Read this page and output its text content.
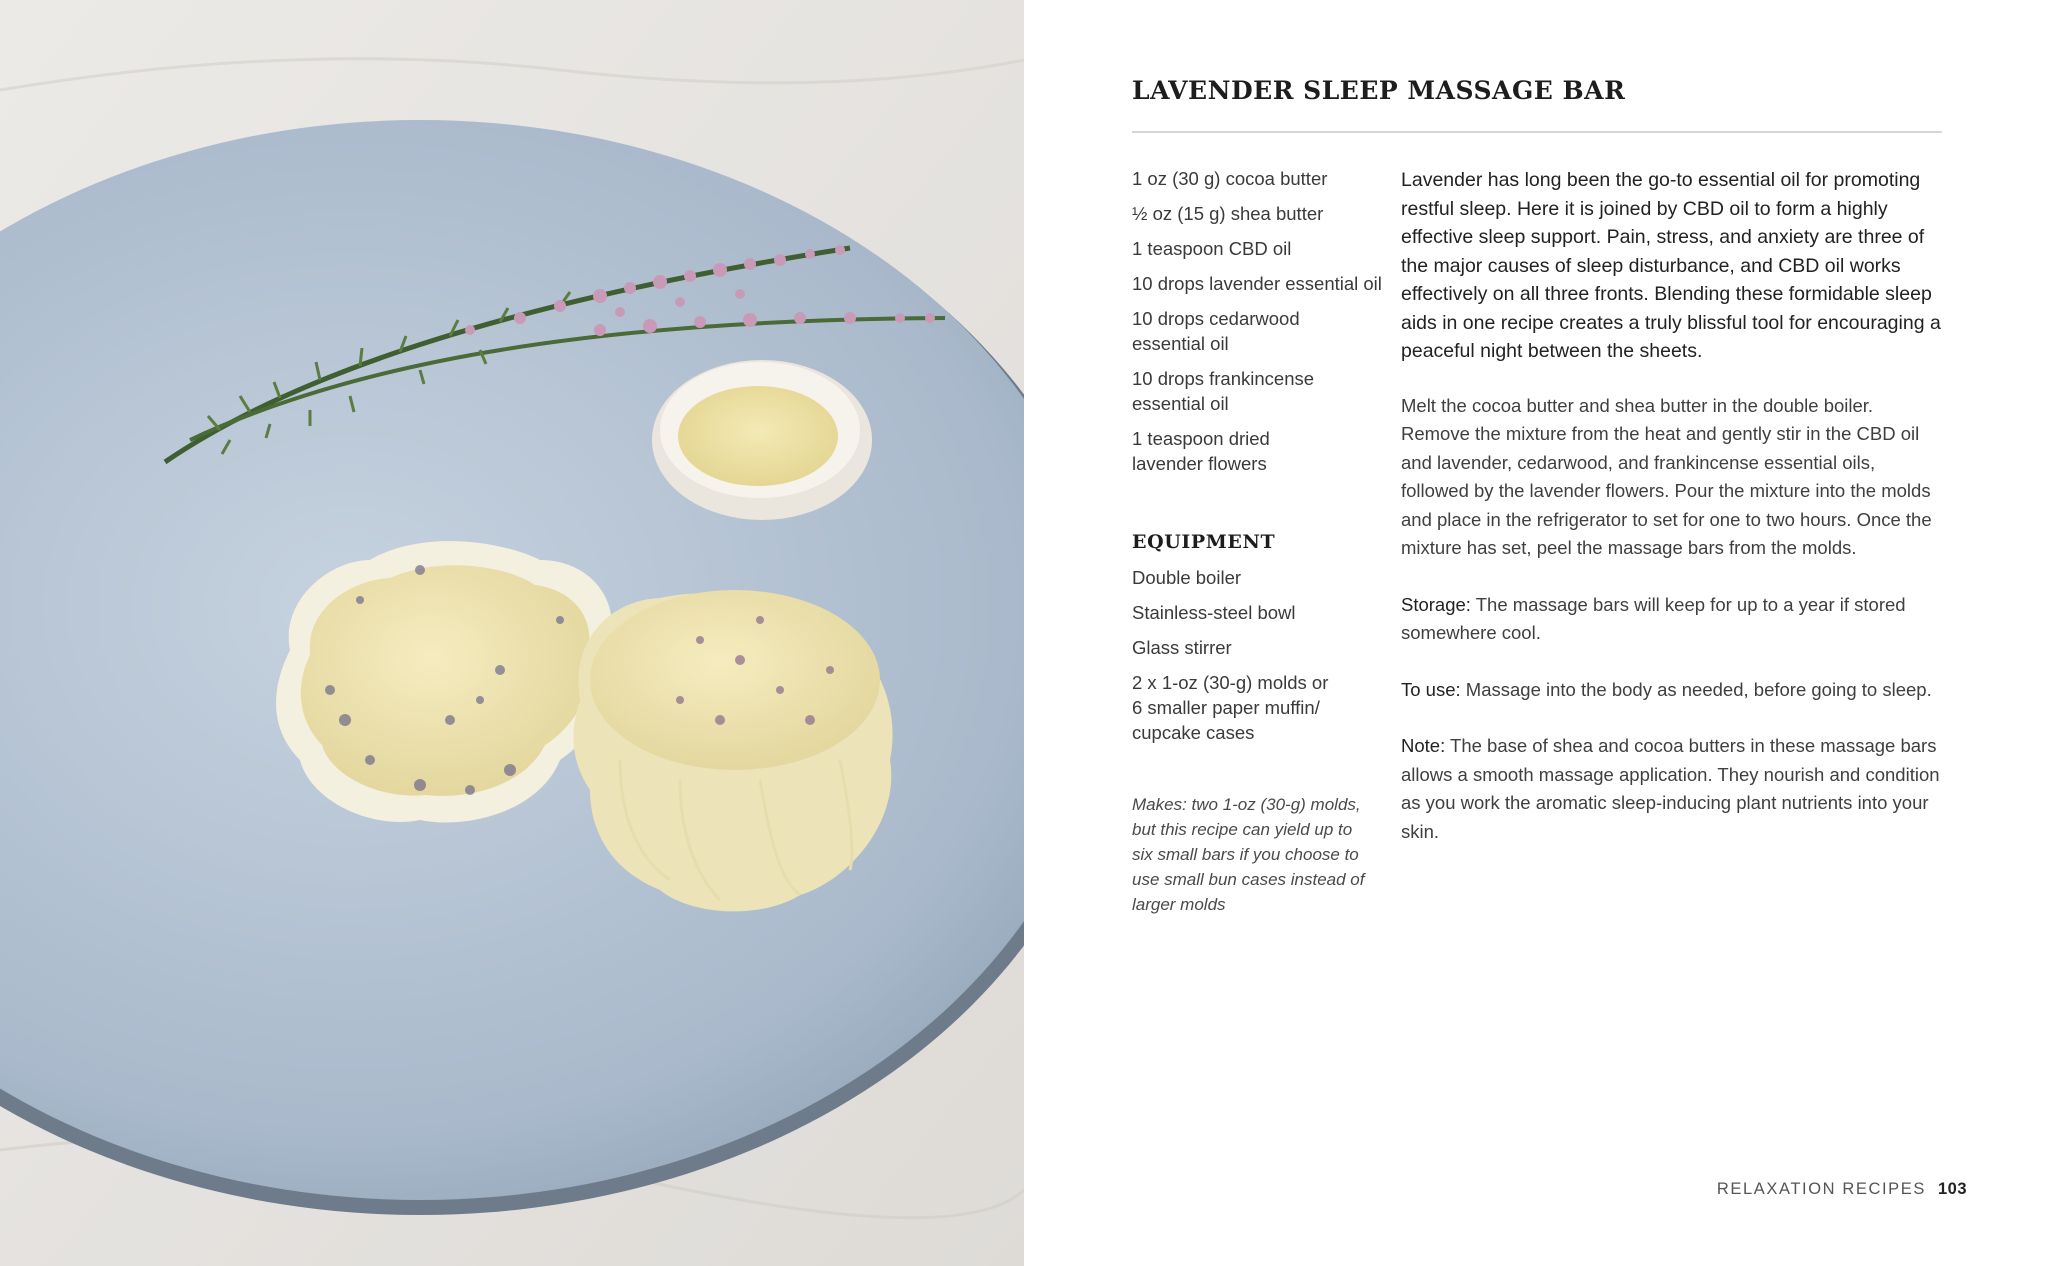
LAVENDER SLEEP MASSAGE BAR
1 oz (30 g) cocoa butter
½ oz (15 g) shea butter
1 teaspoon CBD oil
10 drops lavender essential oil
10 drops cedarwood essential oil
10 drops frankincense essential oil
1 teaspoon dried lavender flowers
EQUIPMENT
Double boiler
Stainless-steel bowl
Glass stirrer
2 x 1-oz (30-g) molds or 6 smaller paper muffin/ cupcake cases

Makes: two 1-oz (30-g) molds, but this recipe can yield up to six small bars if you choose to use small bun cases instead of larger molds

Lavender has long been the go-to essential oil for promoting restful sleep. Here it is joined by CBD oil to form a highly effective sleep support. Pain, stress, and anxiety are three of the major causes of sleep disturbance, and CBD oil works effectively on all three fronts. Blending these formidable sleep aids in one recipe creates a truly blissful tool for encouraging a peaceful night between the sheets.

Melt the cocoa butter and shea butter in the double boiler. Remove the mixture from the heat and gently stir in the CBD oil and lavender, cedarwood, and frankincense essential oils, followed by the lavender flowers. Pour the mixture into the molds and place in the refrigerator to set for one to two hours. Once the mixture has set, peel the massage bars from the molds.

Storage: The massage bars will keep for up to a year if stored somewhere cool.

To use: Massage into the body as needed, before going to sleep.

Note: The base of shea and cocoa butters in these massage bars allows a smooth massage application. They nourish and condition as you work the aromatic sleep-inducing plant nutrients into your skin.

RELAXATION RECIPES 103
